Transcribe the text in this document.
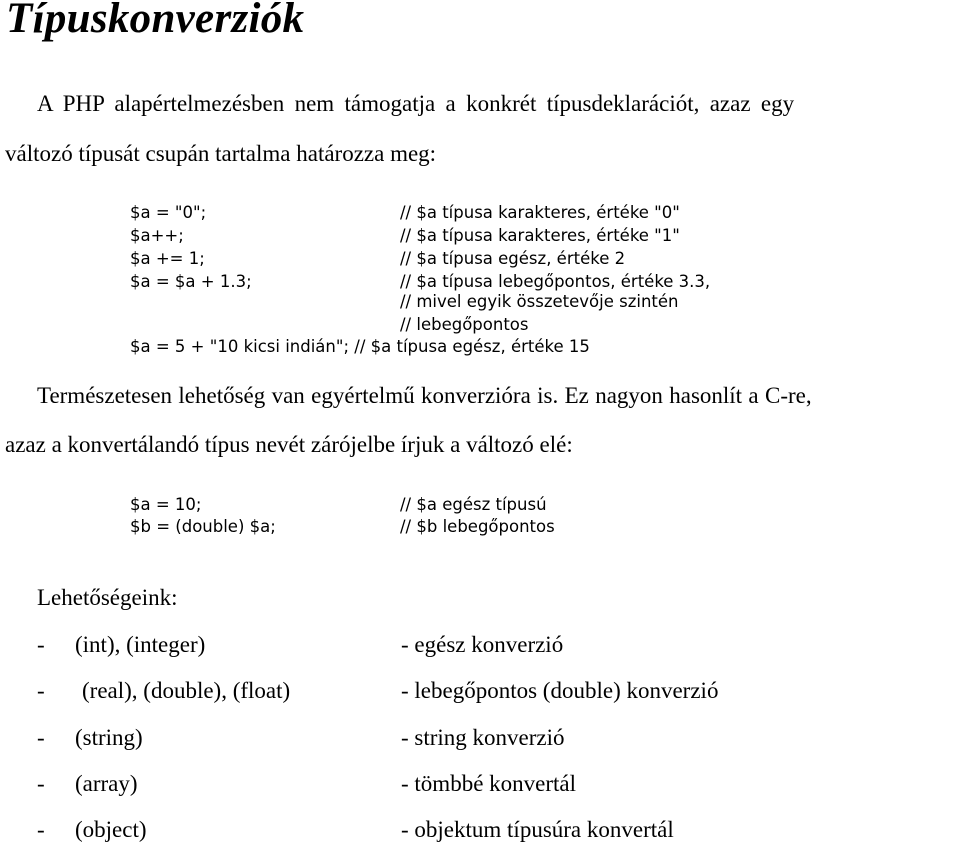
Típuskonverziók
A PHP alapértelmezésben nem támogatja a konkrét típusdeklarációt, azaz egy
változó típusát csupán tartalma határozza meg:
$a = "0";	// $a típusa karakteres, értéke "0"
$a++;	// $a típusa karakteres, értéke "1"
$a += 1;	// $a típusa egész, értéke 2
$a = $a + 1.3;	// $a típusa lebegőpontos, értéke 3.3,
// mivel egyik összetevője szintén
// lebegőpontos
$a = 5 + "10 kicsi indián"; // $a típusa egész, értéke 15
Természetesen lehetőség van egyértelmű konverzióra is. Ez nagyon hasonlít a C-re,
azaz a konvertálandó típus nevét zárójelbe írjuk a változó elé:
$a = 10;	// $a egész típusú
$b = (double) $a;	// $b lebegőpontos
Lehetőségeink:
- (int), (integer)	- egész konverzió
- (real), (double), (float)	- lebegőpontos (double) konverzió
- (string)	- string konverzió
- (array)	- tömbbé konvertál
- (object)	- objektum típusúra konvertál
